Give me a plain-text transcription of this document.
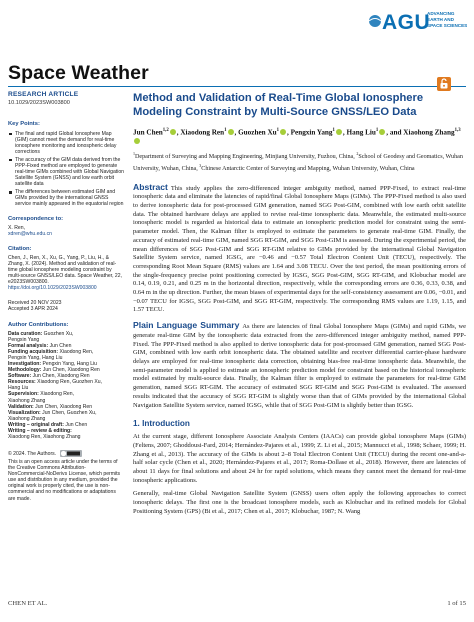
AGU
ADVANCING
EARTH AND
SPACE SCIENCES
Space Weather
RESEARCH ARTICLE
10.1029/2023SW003800
Key Points:
The final and rapid Global Ionosphere Map (GIM) cannot meet the demand for real-time ionosphere monitoring and ionospheric delay corrections
The accuracy of the GIM data derived from the PPP-Fixed method are employed to generate real-time GIMs combined with Global Navigation Satellite System (GNSS) and low earth orbit satellite data
The differences between estimated GIM and GIMs provided by the international GNSS service mainly appeared in the equatorial region
Correspondence to:
X. Ren,
xdren@whu.edu.cn
Citation:
Chen, J., Ren, X., Xu, G., Yang, P., Liu, H., & Zhang, X. (2024). Method and validation of real-time global ionosphere modeling constraint by multi-source GNSS/LEO data. Space Weather, 22, e2023SW003800.
https://doi.org/10.1029/2023SW003800
Received 20 NOV 2023
Accepted 3 APR 2024
Author Contributions:
Data curation: Guozhen Xu,
Pengxin Yang
Formal analysis: Jun Chen
Funding acquisition: Xiaodong Ren,
Pengxin Yang, Hang Liu
Investigation: Pengxin Yang, Hang Liu
Methodology: Jun Chen, Xiaodong Ren
Software: Jun Chen, Xiaodong Ren
Resources: Xiaodong Ren, Guozhen Xu,
Hang Liu
Supervision: Xiaodong Ren,
Xiaohong Zhang
Validation: Jun Chen, Xiaodong Ren
Visualization: Jun Chen, Guozhen Xu,
Xiaohong Zhang
Writing – original draft: Jun Chen
Writing – review & editing:
Xiaodong Ren, Xiaohong Zhang
© 2024. The Authors.
This is an open access article under the terms of the Creative Commons Attribution-NonCommercial-NoDerivs License, which permits use and distribution in any medium, provided the original work is properly cited, the use is non-commercial and no modifications or adaptations are made.
Method and Validation of Real-Time Global Ionosphere Modeling Constraint by Multi-Source GNSS/LEO Data
Jun Chen$^{1,2}$ , Xiaodong Ren$^1$ , Guozhen Xu$^1$ , Pengxin Yang$^1$ , Hang Liu$^1$ , and Xiaohong Zhang$^{1,3}$
$^1$Department of Surveying and Mapping Engineering, Minjiang University, Fuzhou, China, $^2$School of Geodesy and Geomatics, Wuhan University, Wuhan, China, $^3$Chinese Antarctic Center of Surveying and Mapping, Wuhan University, Wuhan, China
Abstract This study applies the zero-differenced integer ambiguity method, named PPP-Fixed, to extract real-time ionospheric data and eliminate the latencies of rapid/final Global Ionosphere Maps (GIMs). The PPP-Fixed method is also used to derive ionospheric data for post-processed GIM generation, named SGG Post-GIM, combined with low earth orbit satellite data. The obtained hardware delays are applied to revise real-time ionospheric data. Meanwhile, the estimated multi-source ionospheric model is regarded as historical data to estimate an ionospheric prediction model for constraint using the semi-parameter model. Then, the Kalman filter is employed to estimate the parameters to generate real-time GIM. Finally, the accuracy of estimated real-time GIM, named SGG RT-GIM, and SGG Post-GIM is assessed. During the experimental period, the mean differences of SGG Post-GIM and SGG RT-GIM relative to GIMs provided by the international Global Navigation Satellite System service, named IGSG, are −0.46 and −0.57 Total Electron Content Unit (TECU), respectively. The corresponding Root Mean Square (RMS) values are 1.64 and 3.08 TECU. Over the test period, the mean positioning errors of the single-frequency precise point positioning corrected by IGSG, SGG Post-GIM, SGG RT-GIM, and Klobuchar model are 0.14, 0.19, 0.21, and 0.25 m in the horizontal direction, respectively, while the corresponding errors are 0.36, 0.33, 0.38, and 0.64 m in the up direction. Further, the mean biases of experimental days for the self-consistency assessment are 0.06, −0.01, and −0.07 TECU for IGSG, SGG Post-GIM, and SGG RT-GIM, respectively. The corresponding RMS values are 1.19, 1.15, and 1.57 TECU.
Plain Language Summary As there are latencies of final Global Ionosphere Maps (GIMs) and rapid GIMs, we generate real-time GIM by the ionospheric data extracted from the zero-differenced integer ambiguity method, named PPP-Fixed. The PPP-Fixed method is also applied to derive ionospheric data for post-processed GIM generation, named SGG Post-GIM, combined with low earth orbit ionospheric data. The obtained satellite and receiver differential carrier-phase hardware delays are employed for real-time ionospheric data correction, obtaining bias-free real-time ionospheric data. Meanwhile, the semi-parameter model is applied to estimate an ionospheric prediction model for constraint based on the historical ionospheric model estimated by multi-source data. Finally, the Kalman filter is employed to estimate the parameters for real-time GIM generation, named SGG RT-GIM. The accuracy of estimated SGG RT-GIM and SGG Post-GIM is evaluated. The assessed results indicated that the accuracy of SGG RT-GIM is slightly worse than that of GIMs provided by the international Global Navigation Satellite System service, named IGSG, while that of SGG Post-GIM is slightly better than IGSG.
1. Introduction
At the current stage, different Ionosphere Associate Analysis Centers (IAACs) can provide global ionosphere Maps (GIMs) (Feltens, 2007; Ghoddousi-Fard, 2014; Hernández-Pajares et al., 1999; Z. Li et al., 2015; Mannucci et al., 1998; Schaer, 1999; H. Zhang et al., 2013). The accuracy of the GIMs is about 2–8 Total Electron Content Unit (TECU) during the recent one-and-a-half solar cycle (Chen et al., 2020; Hernández-Pajares et al., 2017; Roma-Dollase et al., 2018). However, there are latencies of about 11 days for final solutions and about 24 hr for rapid solutions, which means they cannot meet the demand for real-time ionospheric applications.
Generally, real-time Global Navigation Satellite System (GNSS) users often apply the following approaches to correct ionospheric delays. The first one is the broadcast ionosphere models, such as Klobuchar and its refined models for Global Positioning System (GPS) (Bi et al., 2017; Chen et al., 2017; Klobuchar, 1987; N. Wang
CHEN ET AL.	1 of 15
